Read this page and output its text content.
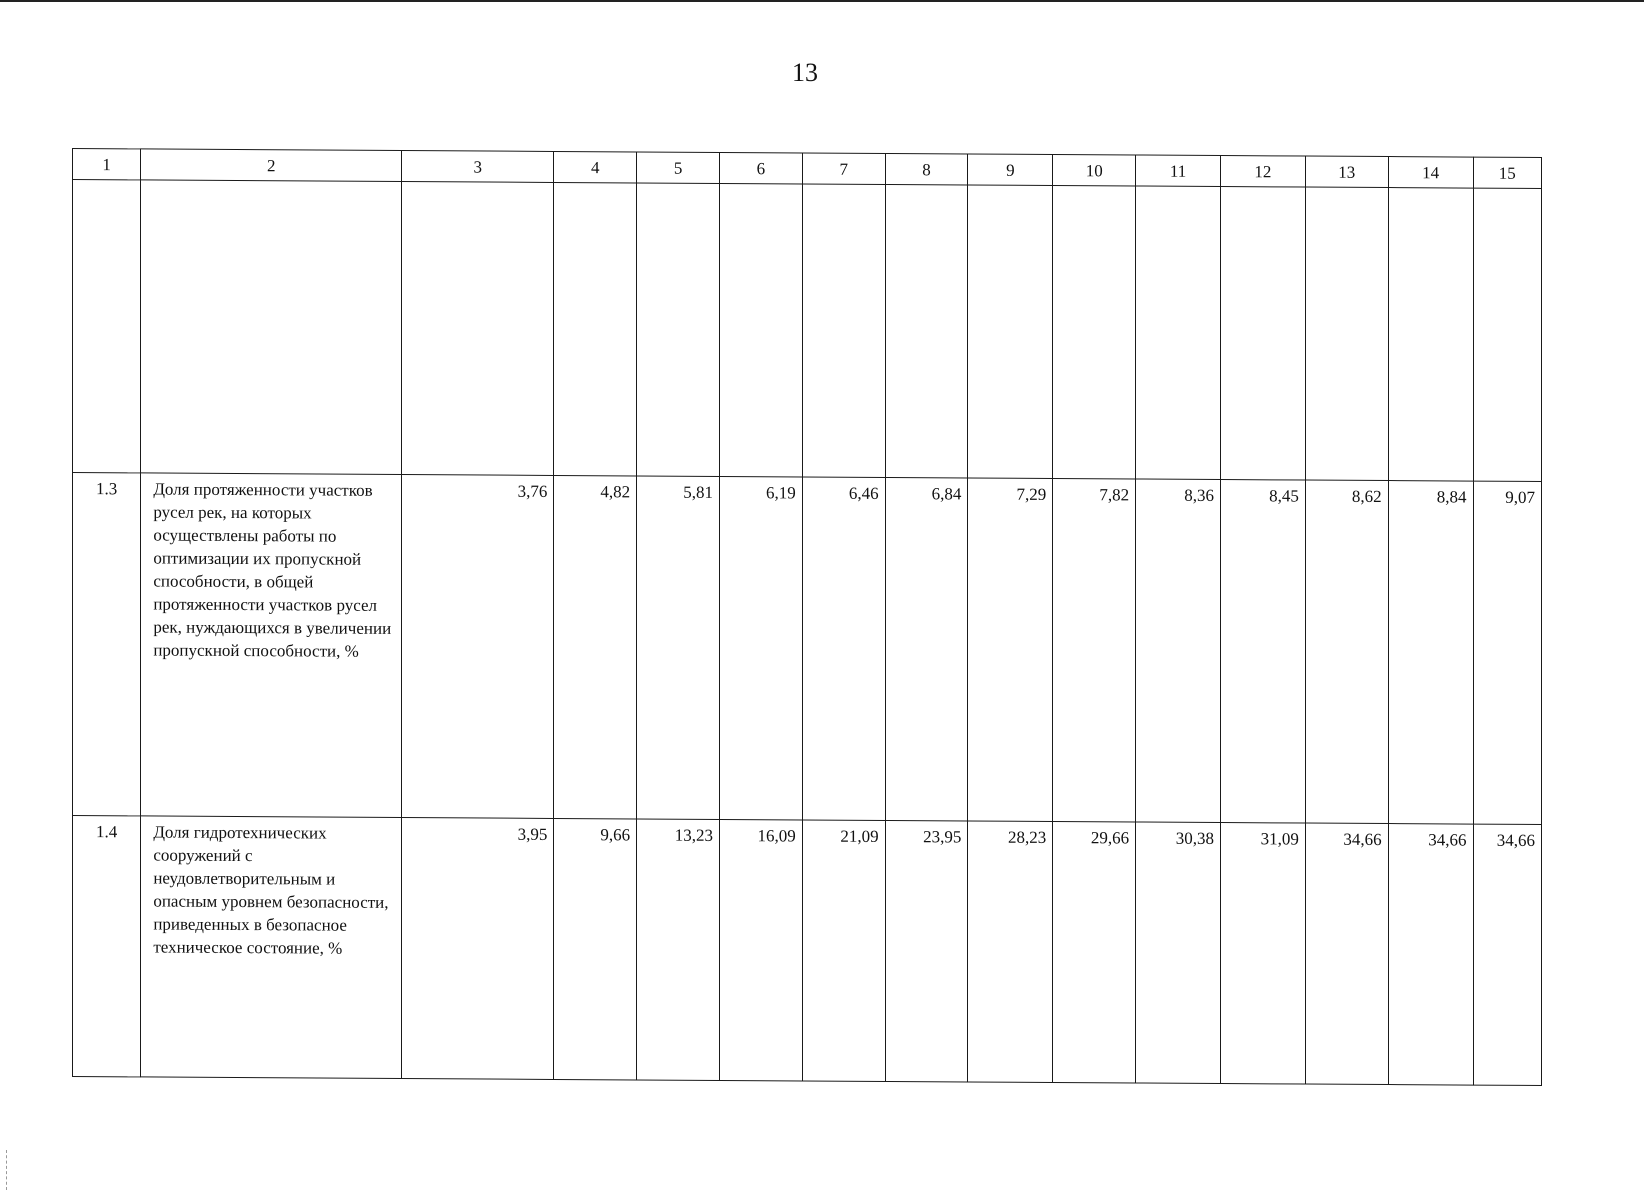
13
1	2	3	4	5	6	7	8	9	10	11	12	13	14	15

1.3	Доля протяженности участков русел рек, на которых осуществлены работы по оптимизации их пропускной способности, в общей протяженности участков русел рек, нуждающихся в увеличении пропускной способности, %	3,76	4,82	5,81	6,19	6,46	6,84	7,29	7,82	8,36	8,45	8,62	8,84	9,07
1.4	Доля гидротехнических сооружений с неудовлетворительным и опасным уровнем безопасности, приведенных в безопасное техническое состояние, %	3,95	9,66	13,23	16,09	21,09	23,95	28,23	29,66	30,38	31,09	34,66	34,66	34,66
